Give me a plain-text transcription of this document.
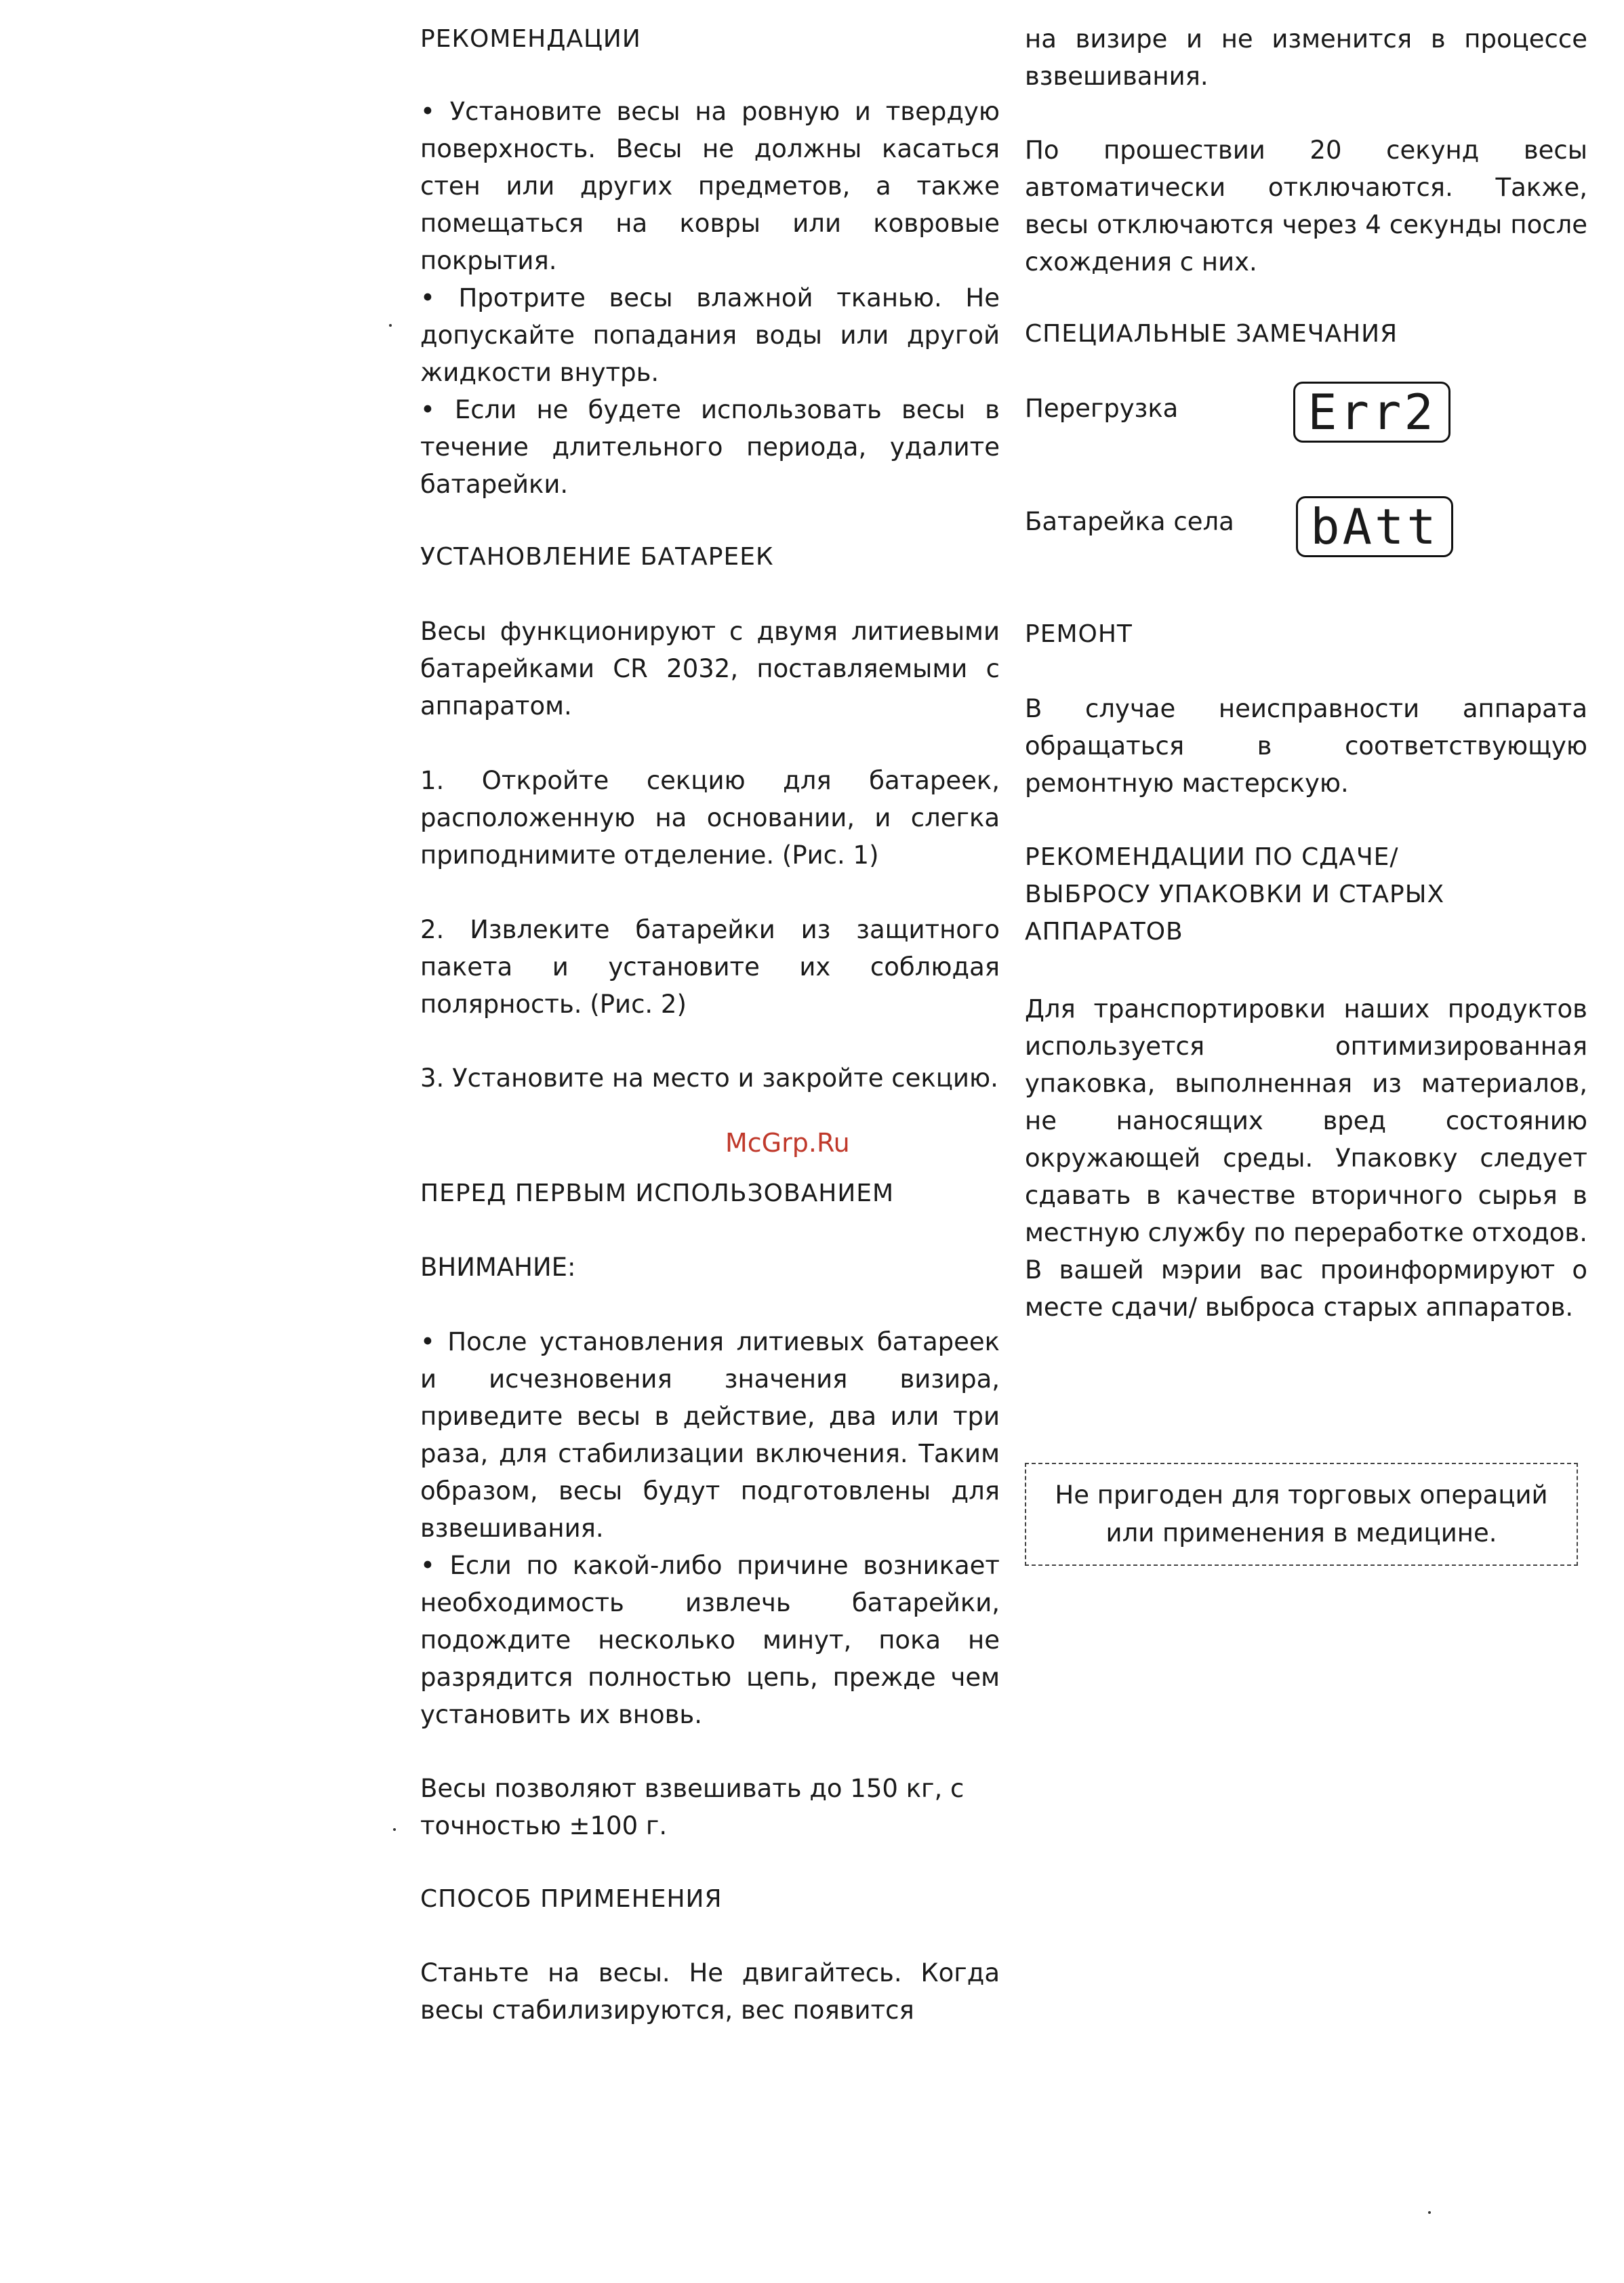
РЕКОМЕНДАЦИИ

• Установите весы на ровную и твердую поверхность. Весы не должны касаться стен или других предметов, а также помещаться на ковры или ковровые покрытия.

• Протрите весы влажной тканью. Не допускайте попадания воды или другой жидкости внутрь.

• Если не будете использовать весы в течение длительного периода, удалите батарейки.

УСТАНОВЛЕНИЕ БАТАРЕЕК

Весы функционируют с двумя литиевыми батарейками CR 2032, поставляемыми с аппаратом.

1. Откройте секцию для батареек, расположенную на основании, и слегка приподнимите отделение. (Рис. 1)

2. Извлеките батарейки из защитного пакета и установите их соблюдая полярность. (Рис. 2)

3. Установите на место и закройте секцию.

ПЕРЕД ПЕРВЫМ ИСПОЛЬЗОВАНИЕМ

ВНИМАНИЕ:

• После установления литиевых батареек и исчезновения значения визира, приведите весы в действие, два или три раза, для стабилизации включения. Таким образом, весы будут подготовлены для взвешивания.

• Если по какой-либо причине возникает необходимость извлечь батарейки, подождите несколько минут, пока не разрядится полностью цепь, прежде чем установить их вновь.

Весы позволяют взвешивать до 150 кг, с точностью ±100 г.

СПОСОБ ПРИМЕНЕНИЯ

Станьте на весы. Не двигайтесь. Когда весы стабилизируются, вес появится

на визире и не изменится в процессе взвешивания.

По прошествии 20 секунд весы автоматически отключаются. Также, весы отключаются через 4 секунды после схождения с них.

СПЕЦИАЛЬНЫЕ ЗАМЕЧАНИЯ

Перегрузка	Err2

Батарейка села	bAtt

РЕМОНТ

В случае неисправности аппарата обращаться в соответствующую ремонтную мастерскую.

РЕКОМЕНДАЦИИ ПО СДАЧЕ/

ВЫБРОСУ УПАКОВКИ И СТАРЫХ

АППАРАТОВ

Для транспортировки наших продуктов используется оптимизированная упаковка, выполненная из материалов, не наносящих вред состоянию окружающей среды. Упаковку следует сдавать в качестве вторичного сырья в местную службу по переработке отходов. В вашей мэрии вас проинформируют о месте сдачи/ выброса старых аппаратов.

Не пригоден для торговых операций
или применения в медицине.
McGrp.Ru
